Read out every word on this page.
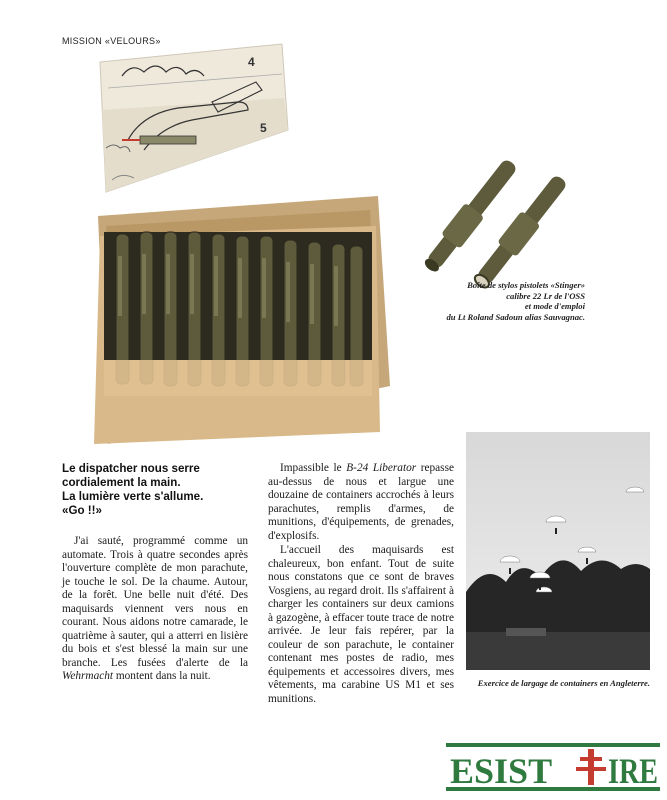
MISSION «VELOURS»
4
5
Boîte de stylos pistolets «Stinger»
calibre 22 Lr de l'OSS
et mode d'emploi
du Lt Roland Sadoun alias Sauvagnac.
Le dispatcher nous serre
cordialement la main.
La lumière verte s'allume.
«Go !!»

J'ai sauté, programmé comme un automate. Trois à quatre secondes après l'ouverture complète de mon parachute, je touche le sol. De la chaume. Autour, de la forêt. Une belle nuit d'été. Des maquisards viennent vers nous en courant. Nous aidons notre camarade, le quatrième à sauter, qui a atterri en lisière du bois et s'est blessé la main sur une branche. Les fusées d'alerte de la Wehrmacht montent dans la nuit.

Impassible le B-24 Liberator repasse au-dessus de nous et largue une douzaine de containers accrochés à leurs parachutes, remplis d'armes, de munitions, d'équipements, de grenades, d'explosifs.

L'accueil des maquisards est chaleureux, bon enfant. Tout de suite nous constatons que ce sont de braves Vosgiens, au regard droit. Ils s'affairent à charger les containers sur deux camions à gazogène, à effacer toute trace de notre arrivée. Je leur fais repérer, par la couleur de son parachute, le container contenant mes postes de radio, mes équipements et accessoires divers, mes vêtements, ma carabine US M1 et ses munitions.

Exercice de largage de containers en Angleterre.
ESIST IRE
